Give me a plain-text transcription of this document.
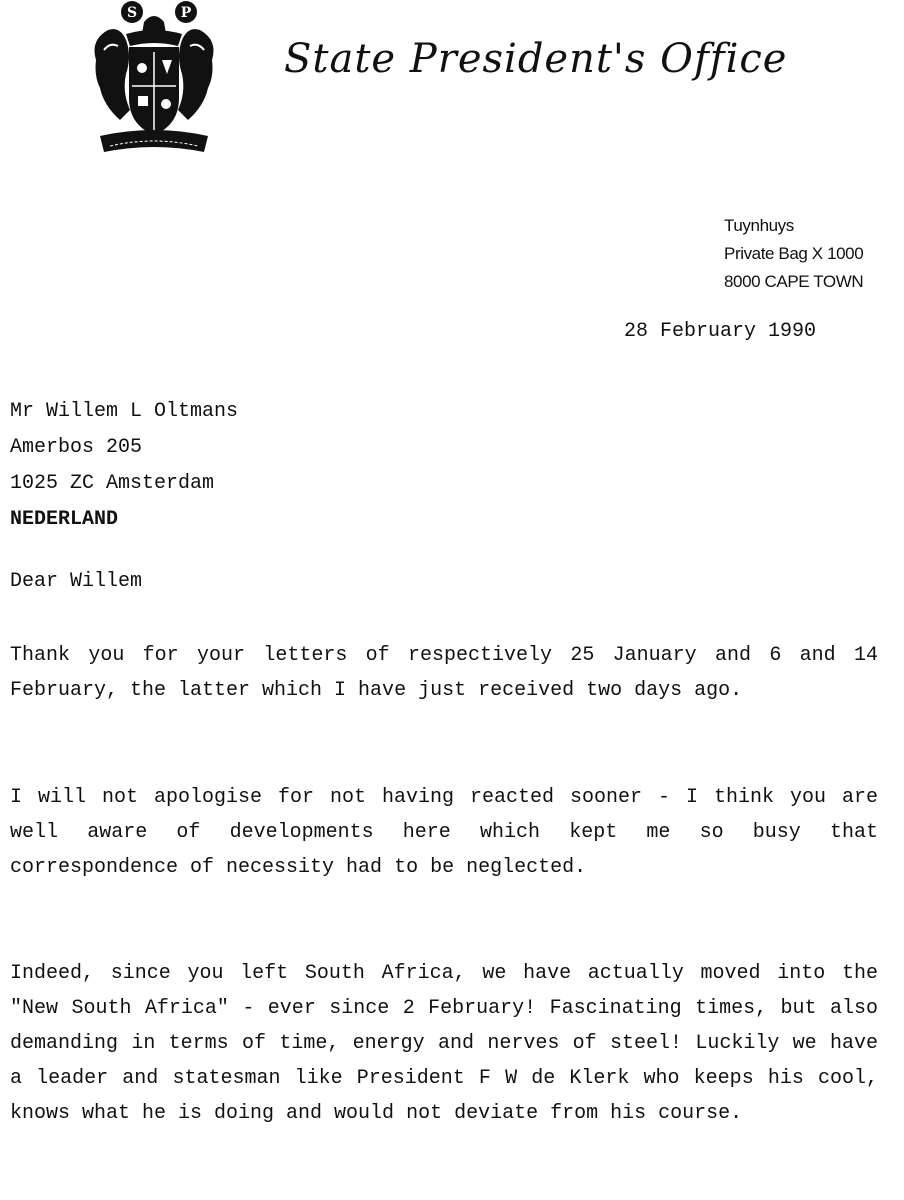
S	P
State President's Office
Tuynhuys
Private Bag X 1000
8000 CAPE TOWN
28 February 1990
Mr Willem L Oltmans
Amerbos 205
1025 ZC Amsterdam
NEDERLAND
Dear Willem
Thank you for your letters of respectively 25 January and 6 and 14 February, the latter which I have just received two days ago.
I will not apologise for not having reacted sooner - I think you are well aware of developments here which kept me so busy that correspondence of necessity had to be neglected.
Indeed, since you left South Africa, we have actually moved into the "New South Africa" - ever since 2 February! Fascinating times, but also demanding in terms of time, energy and nerves of steel! Luckily we have a leader and statesman like President F W de Klerk who keeps his cool, knows what he is doing and would not deviate from his course.
